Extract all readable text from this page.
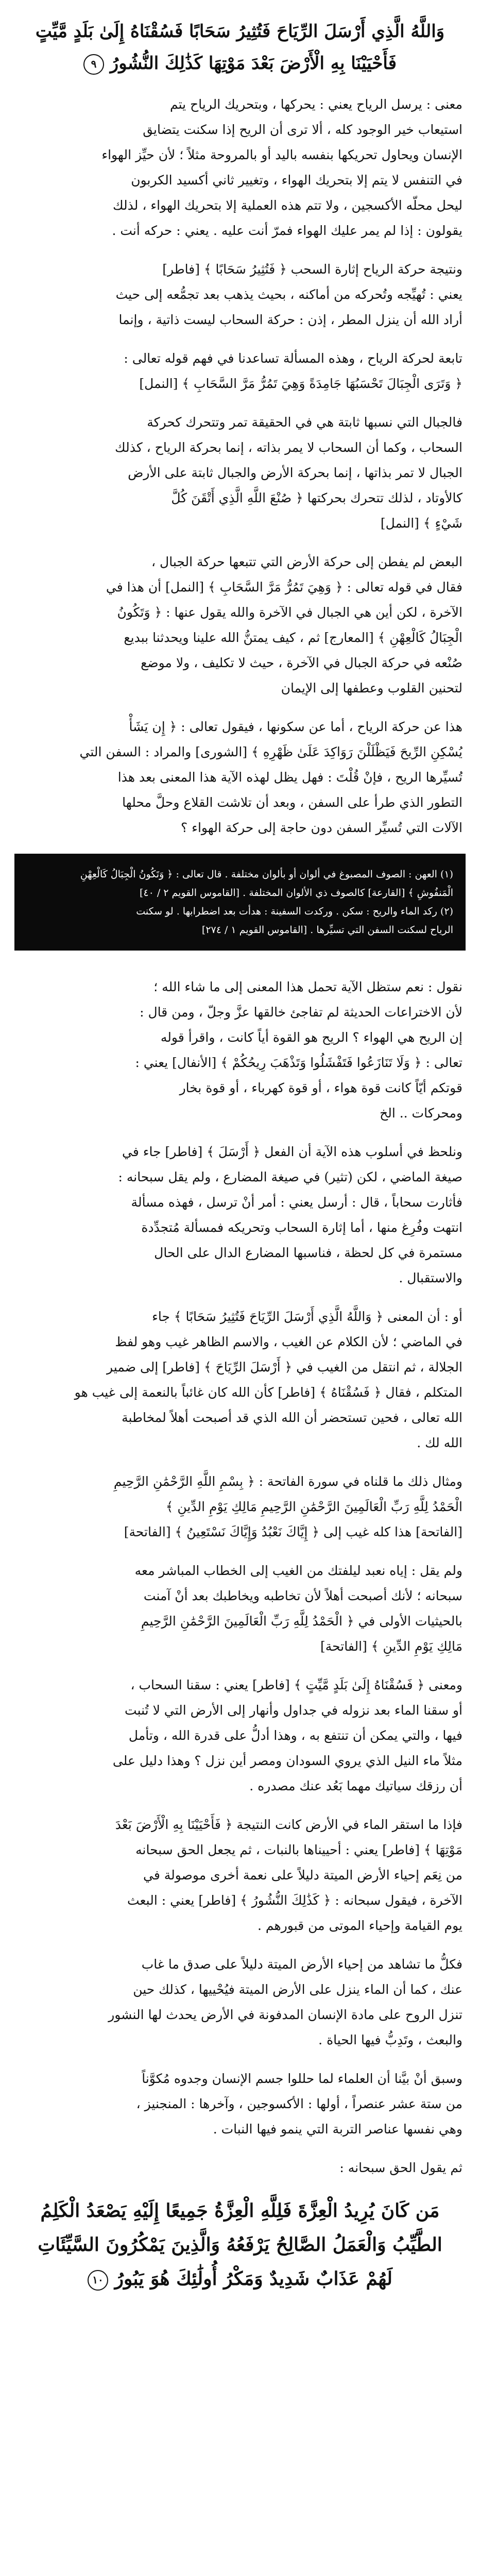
وَاللَّهُ الَّذِي أَرْسَلَ الرِّيَاحَ فَتُثِيرُ سَحَابًا فَسُقْنَاهُ إِلَىٰ بَلَدٍ مَّيِّتٍ
فَأَحْيَيْنَا بِهِ الْأَرْضَ بَعْدَ مَوْتِهَا كَذَٰلِكَ النُّشُورُ ٩
معنى : يرسل الرياح يعني : يحركها ، وبتحريك الرياح يتم
استيعاب خير الوجود كله ، ألا ترى أن الريح إذا سكنت يتضايق
الإنسان ويحاول تحريكها بنفسه باليد أو بالمروحة مثلاً ؛ لأن حيِّز الهواء
في التنفس لا يتم إلا بتحريك الهواء ، وتغيير ثاني أكسيد الكربون
ليحل محلّه الأكسجين ، ولا تتم هذه العملية إلا بتحريك الهواء ، لذلك
يقولون : إذا لم يمر عليك الهواء فمرّ أنت عليه . يعني : حركه أنت .
ونتيجة حركة الرياح إثارة السحب ﴿ فَتُثِيرُ سَحَابًا ﴾ [فاطر]
يعني : تُهيِّجه وتُحركه من أماكنه ، بحيث يذهب بعد تجمُّعه إلى حيث
أراد الله أن ينزل المطر ، إذن : حركة السحاب ليست ذاتية ، وإنما
تابعة لحركة الرياح ، وهذه المسألة تساعدنا في فهم قوله تعالى :
﴿ وَتَرَى الْجِبَالَ تَحْسَبُهَا جَامِدَةً وَهِيَ تَمُرُّ مَرَّ السَّحَابِ ﴾ [النمل]
فالجبال التي نسبها ثابتة هي في الحقيقة تمر وتتحرك كحركة
السحاب ، وكما أن السحاب لا يمر بذاته ، إنما بحركة الرياح ، كذلك
الجبال لا تمر بذاتها ، إنما بحركة الأرض والجبال ثابتة على الأرض
كالأوتاد ، لذلك تتحرك بحركتها ﴿ صُنْعَ اللَّهِ الَّذِي أَتْقَنَ كُلَّ
شَيْءٍ ﴾ [النمل]
البعض لم يفطن إلى حركة الأرض التي تتبعها حركة الجبال ،
فقال في قوله تعالى : ﴿ وَهِيَ تَمُرُّ مَرَّ السَّحَابِ ﴾ [النمل] أن هذا في
الآخرة ، لكن أين هي الجبال في الآخرة والله يقول عنها : ﴿ وَتَكُونُ
الْجِبَالُ كَالْعِهْنِ ﴾ [المعارج] ثم ، كيف يمتنُّ الله علينا ويحدثنا ببديع
صُنْعه في حركة الجبال في الآخرة ، حيث لا تكليف ، ولا موضع
لتحنين القلوب وعطفها إلى الإيمان
هذا عن حركة الرياح ، أما عن سكونها ، فيقول تعالى : ﴿ إِن يَشَأْ
يُسْكِنِ الرِّيحَ فَيَظْلَلْنَ رَوَاكِدَ عَلَىٰ ظَهْرِهِ ﴾ [الشورى] والمراد : السفن التي
تُسيِّرها الريح ، فإنْ قُلْتَ : فهل يظل لهذه الآية هذا المعنى بعد هذا
التطور الذي طرأ على السفن ، وبعد أن تلاشت القلاع وحلَّ محلها
الآلات التي تُسيِّر السفن دون حاجة إلى حركة الهواء ؟
(١) العهن : الصوف المصبوغ في ألوان أو بألوان مختلفة . قال تعالى : ﴿ وَتَكُونُ الْجِبَالُ كَالْعِهْنِ
الْمَنفُوشِ ﴾ [القارعة] كالصوف ذي الألوان المختلفة . [القاموس القويم ٢ / ٤٠]
(٢) ركد الماء والريح : سكن . وركدت السفينة : هدأت بعد اضطرابها . لو سكنت
الرياح لسكنت السفن التي تسيِّرها . [القاموس القويم ١ / ٢٧٤]
نقول : نعم ستظل الآية تحمل هذا المعنى إلى ما شاء الله ؛
لأن الاختراعات الحديثة لم تفاجئ خالقها عزَّ وجلّ ، ومن قال :
إن الريح هي الهواء ؟ الريح هو القوة أياً كانت ، واقرأ قوله
تعالى : ﴿ وَلَا تَنَازَعُوا فَتَفْشَلُوا وَتَذْهَبَ رِيحُكُمْ ﴾ [الأنفال] يعني :
قوتكم أيّاً كانت قوة هواء ، أو قوة كهرباء ، أو قوة بخار
ومحركات .. الخ
ونلحظ في أسلوب هذه الآية أن الفعل ﴿ أَرْسَلَ ﴾ [فاطر] جاء في
صيغة الماضي ، لكن (تثير) في صيغة المضارع ، ولم يقل سبحانه :
فأثارت سحاباً ، قال : أرسل يعني : أمر أنْ ترسل ، فهذه مسألة
انتهت وفُرِغ منها ، أما إثارة السحاب وتحريكه فمسألة مُتجدِّدة
مستمرة في كل لحظة ، فناسبها المضارع الدال على الحال
والاستقبال .
أو : أن المعنى ﴿ وَاللَّهُ الَّذِي أَرْسَلَ الرِّيَاحَ فَتُثِيرُ سَحَابًا ﴾ جاء
في الماضي ؛ لأن الكلام عن الغيب ، والاسم الظاهر غيب وهو لفظ
الجلالة ، ثم انتقل من الغيب في ﴿ أَرْسَلَ الرِّيَاحَ ﴾ [فاطر] إلى ضمير
المتكلم ، فقال ﴿ فَسُقْنَاهُ ﴾ [فاطر] كأن الله كان غائباً بالنعمة إلى غيب هو
الله تعالى ، فحين تستحضر أن الله الذي قد أصبحت أهلاً لمخاطبة
الله لك .
ومثال ذلك ما قلناه في سورة الفاتحة : ﴿ بِسْمِ اللَّهِ الرَّحْمَٰنِ الرَّحِيمِ
الْحَمْدُ لِلَّهِ رَبِّ الْعَالَمِينَ الرَّحْمَٰنِ الرَّحِيمِ مَالِكِ يَوْمِ الدِّينِ ﴾
[الفاتحة] هذا كله غيب إلى ﴿ إِيَّاكَ نَعْبُدُ وَإِيَّاكَ نَسْتَعِينُ ﴾ [الفاتحة]
ولم يقل : إياه نعبد ليلفتك من الغيب إلى الخطاب المباشر معه
سبحانه ؛ لأنك أصبحت أهلاً لأن تخاطبه ويخاطبك بعد أنْ آمنت
بالحيثيات الأولى في ﴿ الْحَمْدُ لِلَّهِ رَبِّ الْعَالَمِينَ الرَّحْمَٰنِ الرَّحِيمِ
مَالِكِ يَوْمِ الدِّينِ ﴾ [الفاتحة]
ومعنى ﴿ فَسُقْنَاهُ إِلَىٰ بَلَدٍ مَّيِّتٍ ﴾ [فاطر] يعني : سقنا السحاب ،
أو سقنا الماء بعد نزوله في جداول وأنهار إلى الأرض التي لا تُنبت
فيها ، والتي يمكن أن تنتفع به ، وهذا أدلُّ على قدرة الله ، وتأمل
مثلاً ماء النيل الذي يروي السودان ومصر أين نزل ؟ وهذا دليل على
أن رزقك سياتيك مهما بَعُد عنك مصدره .
فإذا ما استقر الماء في الأرض كانت النتيجة ﴿ فَأَحْيَيْنَا بِهِ الْأَرْضَ بَعْدَ
مَوْتِهَا ﴾ [فاطر] يعني : أحييناها بالنبات ، ثم يجعل الحق سبحانه
من نِعَم إحياء الأرض الميتة دليلاً على نعمة أخرى موصولة في
الآخرة ، فيقول سبحانه : ﴿ كَذَٰلِكَ النُّشُورُ ﴾ [فاطر] يعني : البعث
يوم القيامة وإحياء الموتى من قبورهم .
فكلُّ ما تشاهد من إحياء الأرض الميتة دليلاً على صدق ما غاب
عنك ، كما أن الماء ينزل على الأرض الميتة فيُحْييها ، كذلك حين
تنزل الروح على مادة الإنسان المدفونة في الأرض يحدث لها النشور
والبعث ، وتَدِبُّ فيها الحياة .
وسبق أنْ بيَّنا أن العلماء لما حللوا جسم الإنسان وجدوه مُكوَّناً
من ستة عشر عنصراً ، أولها : الأكسوجين ، وآخرها : المنجنيز ،
وهي نفسها عناصر التربة التي ينمو فيها النبات .
ثم يقول الحق سبحانه :
مَن كَانَ يُرِيدُ الْعِزَّةَ فَلِلَّهِ الْعِزَّةُ جَمِيعًا إِلَيْهِ يَصْعَدُ الْكَلِمُ
الطَّيِّبُ وَالْعَمَلُ الصَّالِحُ يَرْفَعُهُ وَالَّذِينَ يَمْكُرُونَ السَّيِّئَاتِ
لَهُمْ عَذَابٌ شَدِيدٌ وَمَكْرُ أُولَٰئِكَ هُوَ يَبُورُ ١٠
